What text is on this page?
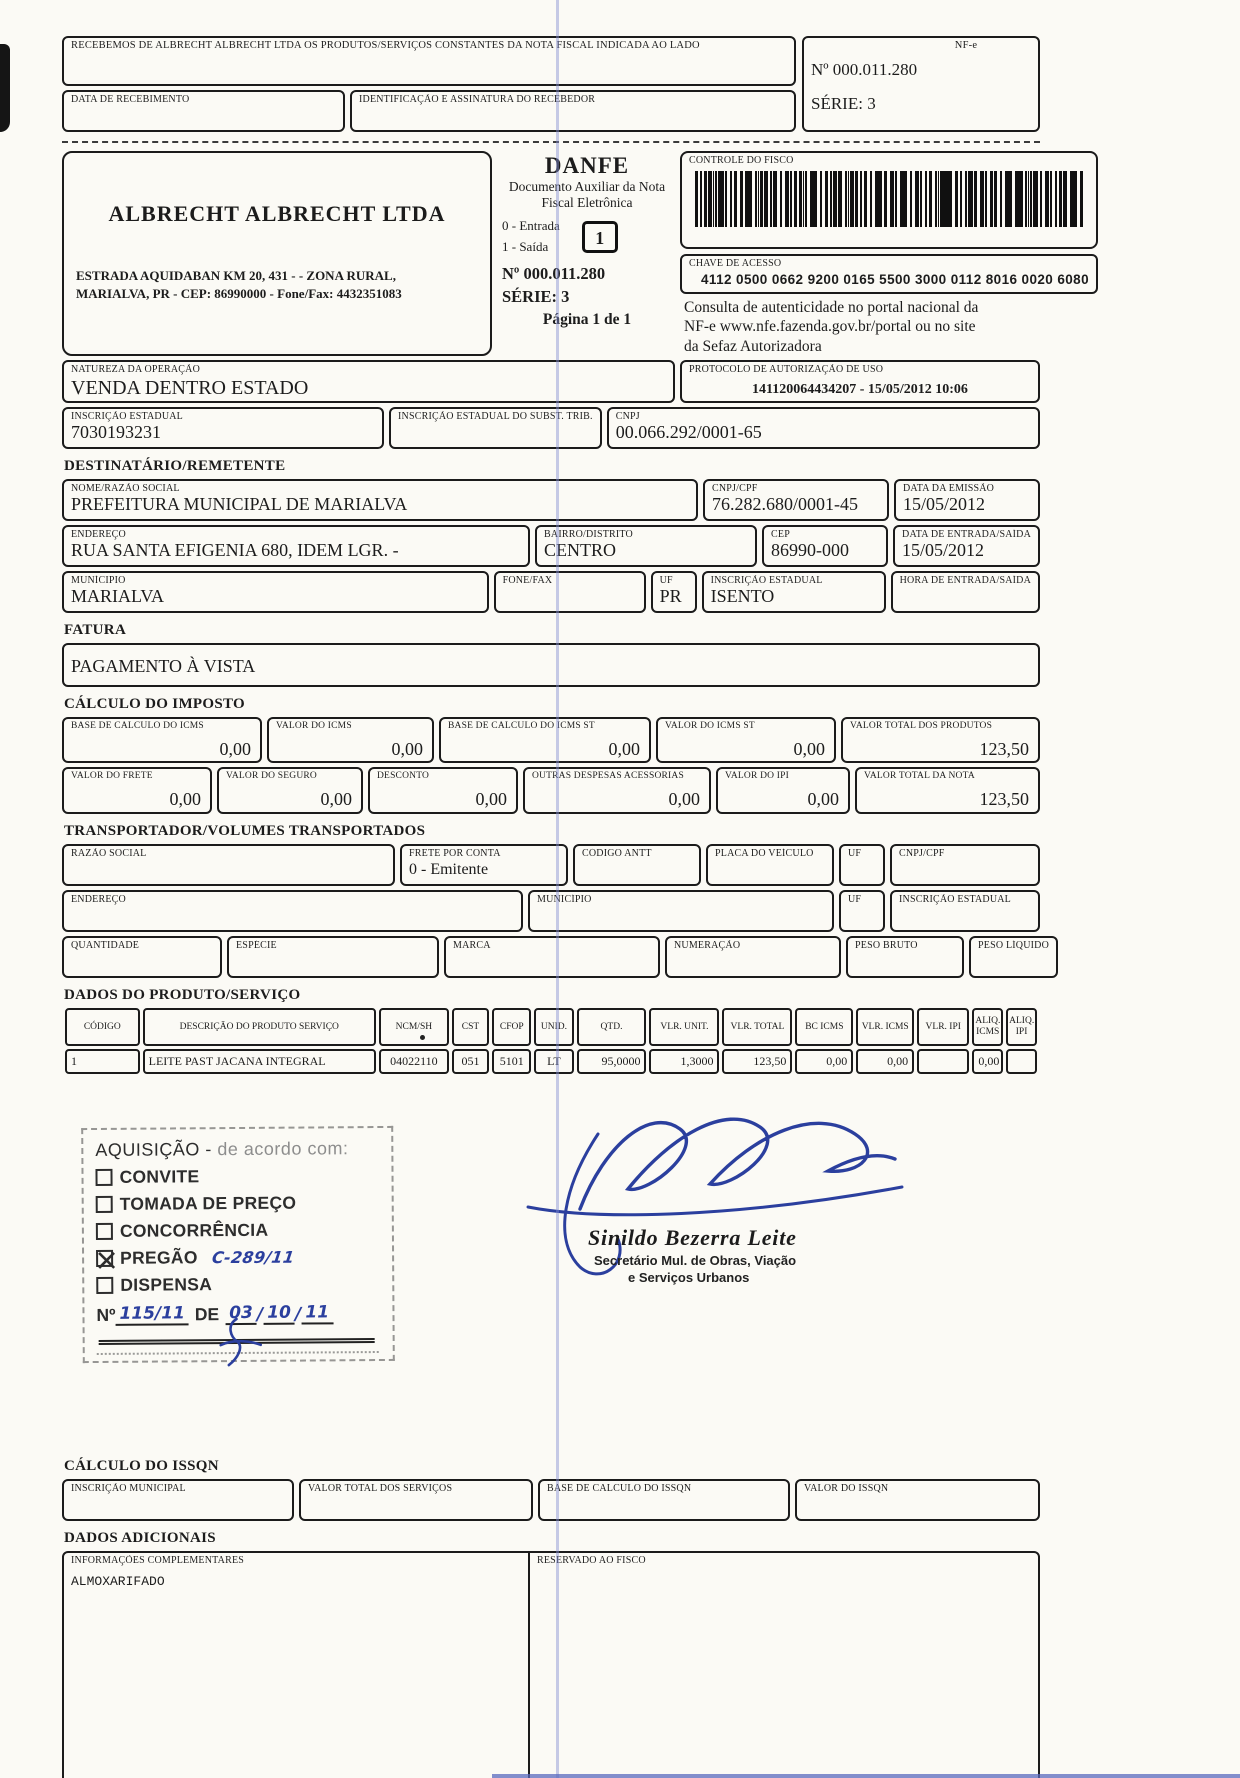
RECEBEMOS DE ALBRECHT ALBRECHT LTDA OS PRODUTOS/SERVIÇOS CONSTANTES DA NOTA FISCAL INDICADA AO LADO
DATA DE RECEBIMENTO	IDENTIFICAÇÃO E ASSINATURA DO RECEBEDOR
NF-e
Nº 000.011.280
SÉRIE: 3
ALBRECHT ALBRECHT LTDA
ESTRADA AQUIDABAN KM 20, 431 - - ZONA RURAL,
MARIALVA, PR - CEP: 86990000 - Fone/Fax: 4432351083
DANFE
Documento Auxiliar da Nota
Fiscal Eletrônica
0 - Entrada
1 - Saída	1
Nº 000.011.280
SÉRIE: 3
Página 1 de 1
CONTROLE DO FISCO
CHAVE DE ACESSO
4112 0500 0662 9200 0165 5500 3000 0112 8016 0020 6080
Consulta de autenticidade no portal nacional da
NF-e www.nfe.fazenda.gov.br/portal ou no site
da Sefaz Autorizadora
NATUREZA DA OPERAÇÃO
VENDA DENTRO ESTADO
PROTOCOLO DE AUTORIZAÇÃO DE USO
141120064434207 - 15/05/2012 10:06
INSCRIÇÃO ESTADUAL
7030193231
INSCRIÇÃO ESTADUAL DO SUBST. TRIB. CNPJ
00.066.292/0001-65
DESTINATÁRIO/REMETENTE
NOME/RAZÃO SOCIAL
PREFEITURA MUNICIPAL DE MARIALVA
CNPJ/CPF
76.282.680/0001-45
DATA DA EMISSÃO
15/05/2012
ENDEREÇO
RUA SANTA EFIGENIA 680, IDEM LGR. -
BAIRRO/DISTRITO
CENTRO
CEP
86990-000
DATA DE ENTRADA/SAÍDA
15/05/2012
MUNÍCIPIO
MARIALVA
FONE/FAX	UF
PR
INSCRIÇÃO ESTADUAL
ISENTO
HORA DE ENTRADA/SAÍDA
FATURA
PAGAMENTO À VISTA
CÁLCULO DO IMPOSTO
BASE DE CÁLCULO DO ICMS
0,00
VALOR DO ICMS
0,00
BASE DE CÁLCULO DO ICMS ST
0,00
VALOR DO ICMS ST
0,00
VALOR TOTAL DOS PRODUTOS
123,50
VALOR DO FRETE
0,00
VALOR DO SEGURO
0,00
DESCONTO
0,00
OUTRAS DESPESAS ACESSÓRIAS
0,00
VALOR DO IPI
0,00
VALOR TOTAL DA NOTA
123,50
TRANSPORTADOR/VOLUMES TRANSPORTADOS
RAZÃO SOCIAL	FRETE POR CONTA
0 - Emitente
CÓDIGO ANTT	PLACA DO VEÍCULO	UF	CNPJ/CPF
ENDEREÇO	MUNICÍPIO	UF	INSCRIÇÃO ESTADUAL
QUANTIDADE	ESPÉCIE	MARCA	NUMERAÇÃO	PESO BRUTO	PESO LÍQUIDO
DADOS DO PRODUTO/SERVIÇO
CÓDIGO	DESCRIÇÃO DO PRODUTO SERVIÇO	NCM/SH	CST	CFOP	UNID.	QTD.	VLR. UNIT.	VLR. TOTAL	BC ICMS	VLR. ICMS	VLR. IPI	ALIQ. ICMS	ALIQ. IPI
1	LEITE PAST JACANA INTEGRAL	04022110	051	5101	LT	95,0000	1,3000	123,50	0,00	0,00		0,00	
AQUISIÇÃO - de acordo com:
CONVITE
TOMADA DE PREÇO
CONCORRÊNCIA
PREGÃO C-289/11
DISPENSA
Nº 115/11 DE 03 / 10 / 11
Sinildo Bezerra Leite
Secretário Mul. de Obras, Viação
e Serviços Urbanos
CÁLCULO DO ISSQN
INSCRIÇÃO MUNICIPAL	VALOR TOTAL DOS SERVIÇOS	BASE DE CALCULO DO ISSQN	VALOR DO ISSQN
DADOS ADICIONAIS
INFORMAÇÕES COMPLEMENTARES
ALMOXARIFADO
RESERVADO AO FISCO
